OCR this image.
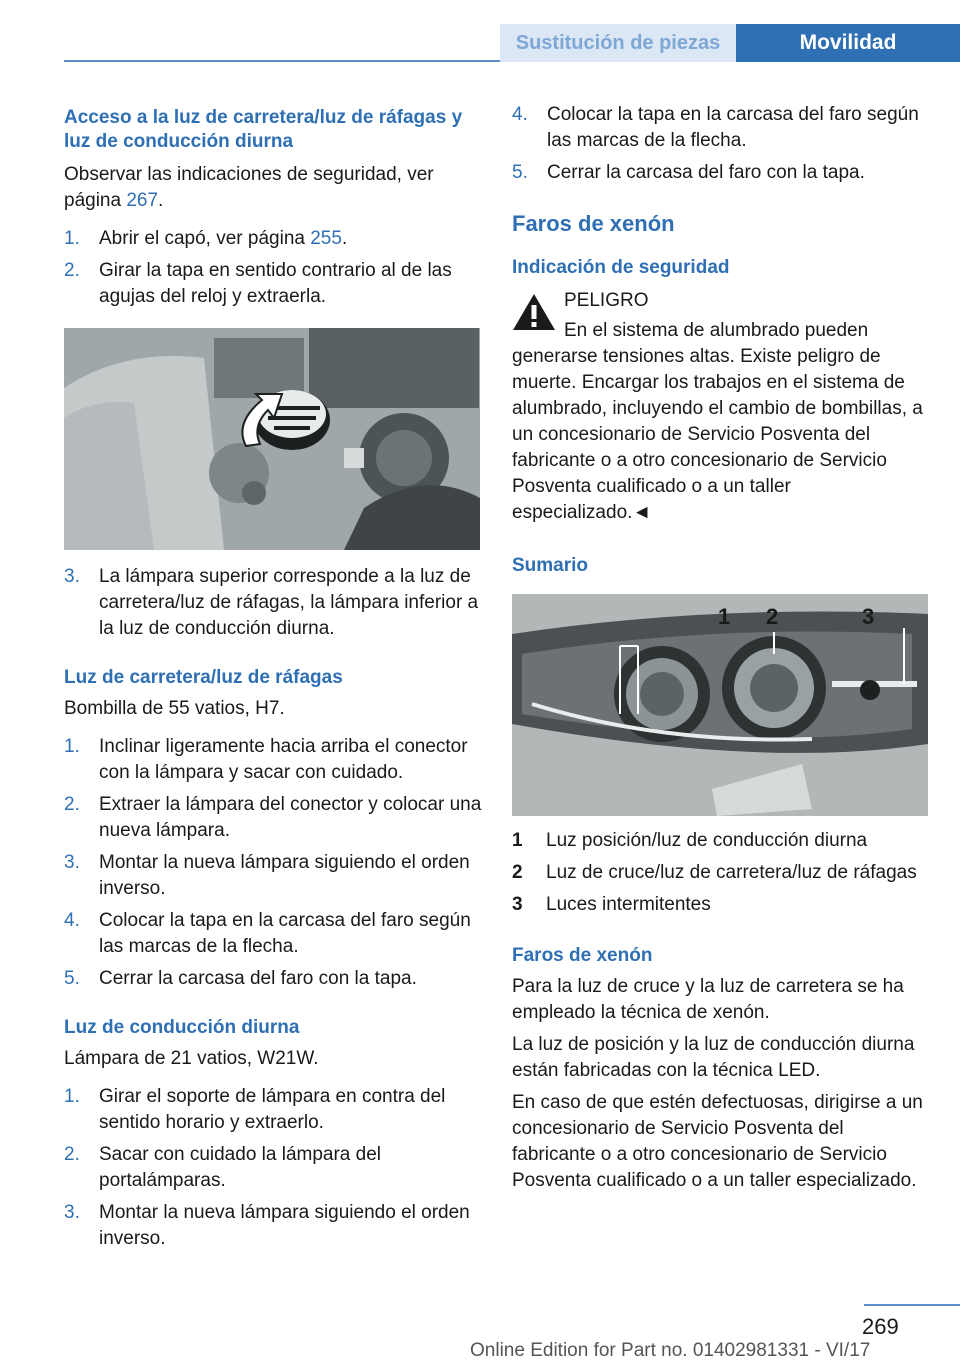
Sustitución de piezas	Movilidad
Acceso a la luz de carretera/luz de ráfagas y luz de conducción diurna
Observar las indicaciones de seguridad, ver página 267.
1. Abrir el capó, ver página 255.
2. Girar la tapa en sentido contrario al de las agujas del reloj y extraerla.
3. La lámpara superior corresponde a la luz de carretera/luz de ráfagas, la lámpara inferior a la luz de conducción diurna.
Luz de carretera/luz de ráfagas
Bombilla de 55 vatios, H7.
1. Inclinar ligeramente hacia arriba el conector con la lámpara y sacar con cuidado.
2. Extraer la lámpara del conector y colocar una nueva lámpara.
3. Montar la nueva lámpara siguiendo el orden inverso.
4. Colocar la tapa en la carcasa del faro según las marcas de la flecha.
5. Cerrar la carcasa del faro con la tapa.
Luz de conducción diurna
Lámpara de 21 vatios, W21W.
1. Girar el soporte de lámpara en contra del sentido horario y extraerlo.
2. Sacar con cuidado la lámpara del portalámparas.
3. Montar la nueva lámpara siguiendo el orden inverso.
4. Colocar la tapa en la carcasa del faro según las marcas de la flecha.
5. Cerrar la carcasa del faro con la tapa.
Faros de xenón
Indicación de seguridad
PELIGRO
En el sistema de alumbrado pueden generarse tensiones altas. Existe peligro de muerte. Encargar los trabajos en el sistema de alumbrado, incluyendo el cambio de bombillas, a un concesionario de Servicio Posventa del fabricante o a otro concesionario de Servicio Posventa cualificado o a un taller especializado.◄
Sumario
1 2	3
1 Luz posición/luz de conducción diurna
2 Luz de cruce/luz de carretera/luz de ráfagas
3 Luces intermitentes
Faros de xenón
Para la luz de cruce y la luz de carretera se ha empleado la técnica de xenón.
La luz de posición y la luz de conducción diurna están fabricadas con la técnica LED.
En caso de que estén defectuosas, dirigirse a un concesionario de Servicio Posventa del fabricante o a otro concesionario de Servicio Posventa cualificado o a un taller especializado.
269
Online Edition for Part no. 01402981331 - VI/17
